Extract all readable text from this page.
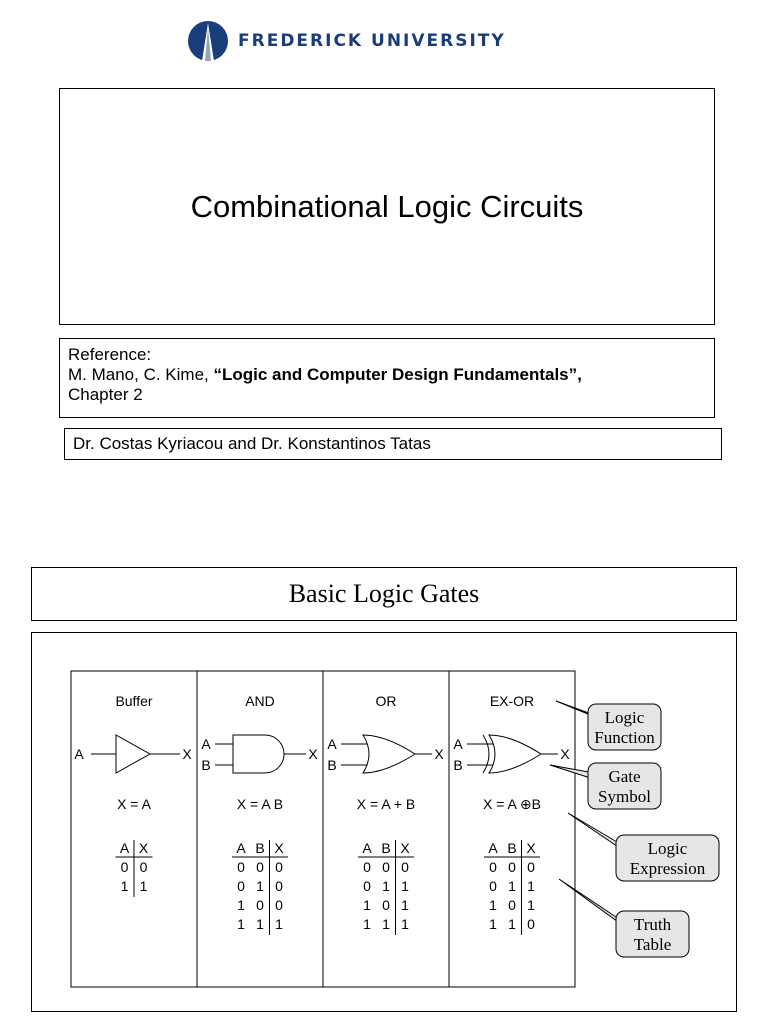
FREDERICK UNIVERSITY
Combinational Logic Circuits
Reference:
M. Mano, C. Kime, “Logic and Computer Design Fundamentals”,
Chapter 2
Dr. Costas Kyriacou and Dr. Konstantinos Tatas
Basic Logic Gates
Buffer
A	X
X = A
A X
0 0
1 1
AND
A
B
X
X = A B
A B X
0 0 0
0 1 0
1 0 0
1 1 1
OR
A
B
X
X = A + B
A B X
0 0 0
0 1 1
1 0 1
1 1 1
EX-OR
A
B
X
X = A ⊕B
A B X
0 0 0
0 1 1
1 0 1
1 1 0
Logic
Function
Gate
Symbol
Logic
Expression
Truth
Table
